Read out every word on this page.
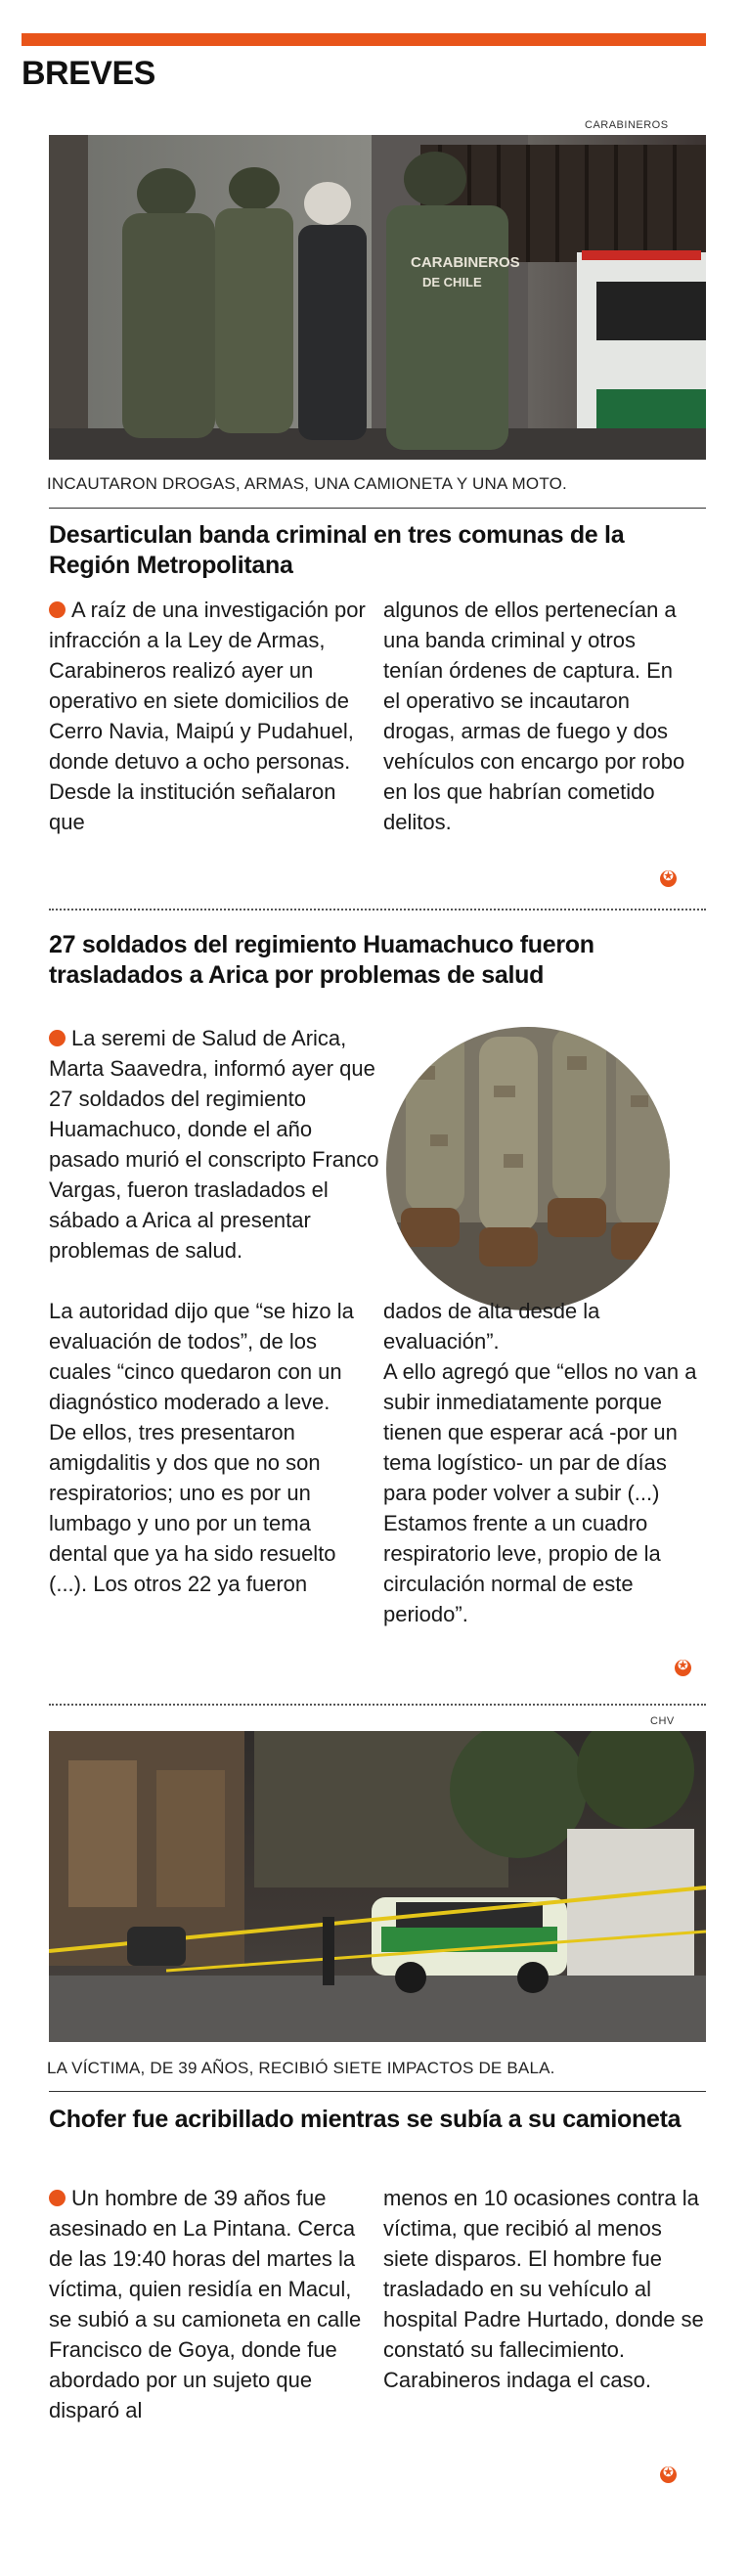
BREVES
CARABINEROS
CARABINEROS
DE CHILE
INCAUTARON DROGAS, ARMAS, UNA CAMIONETA Y UNA MOTO.
Desarticulan banda criminal en tres comunas de la Región Metropolitana
A raíz de una investigación por infracción a la Ley de Armas, Carabineros realizó ayer un operativo en siete domicilios de Cerro Navia, Maipú y Pudahuel, donde detuvo a ocho personas. Desde la institución señalaron que
algunos de ellos pertenecían a una banda criminal y otros tenían órdenes de captura. En el operativo se incautaron drogas, armas de fuego y dos vehículos con encargo por robo en los que habrían cometido delitos.
✪
27 soldados del regimiento Huamachuco fueron trasladados a Arica por problemas de salud
La seremi de Salud de Arica, Marta Saavedra, informó ayer que 27 soldados del regimiento Huamachuco, donde el año pasado murió el conscripto Franco Vargas, fueron trasladados el sábado a Arica al presentar problemas de salud.
La autoridad dijo que “se hizo la evaluación de todos”, de los cuales “cinco quedaron con un diagnóstico moderado a leve. De ellos, tres presentaron amigdalitis y dos que no son respiratorios; uno es por un lumbago y uno por un tema dental que ya ha sido resuelto (...). Los otros 22 ya fueron
dados de alta desde la evaluación”.
A ello agregó que “ellos no van a subir inmediatamente porque tienen que esperar acá -por un tema logístico- un par de días para poder volver a subir (...) Estamos frente a un cuadro respiratorio leve, propio de la circulación normal de este periodo”.
✪
CHV
LA VÍCTIMA, DE 39 AÑOS, RECIBIÓ SIETE IMPACTOS DE BALA.
Chofer fue acribillado mientras se subía a su camioneta
Un hombre de 39 años fue asesinado en La Pintana. Cerca de las 19:40 horas del martes la víctima, quien residía en Macul, se subió a su camioneta en calle Francisco de Goya, donde fue abordado por un sujeto que disparó al
menos en 10 ocasiones contra la víctima, que recibió al menos siete disparos. El hombre fue trasladado en su vehículo al hospital Padre Hurtado, donde se constató su fallecimiento. Carabineros indaga el caso.
✪
